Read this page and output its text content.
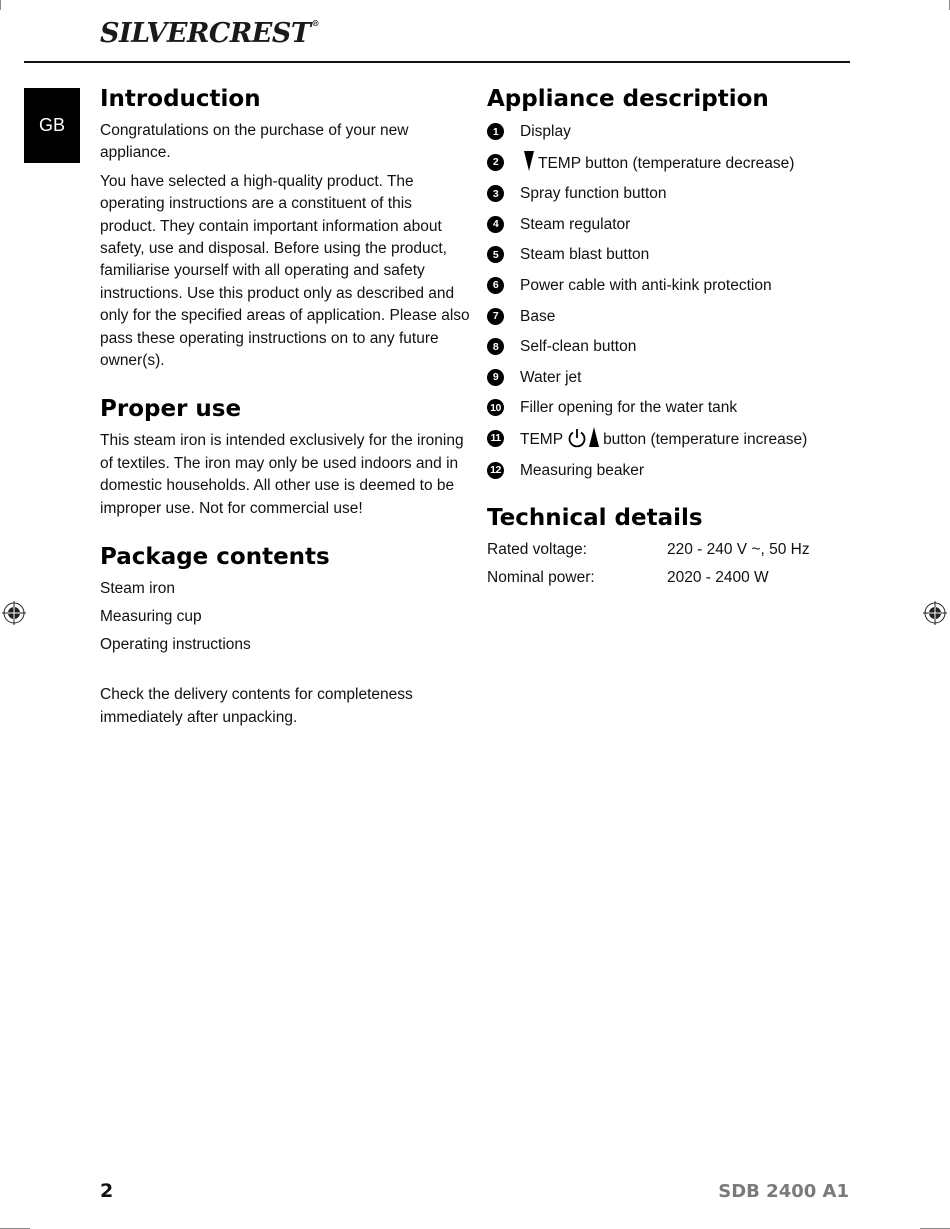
SILVERCREST®
GB
Introduction

Congratulations on the purchase of your new appliance.

You have selected a high-quality product. The operating instructions are a constituent of this product. They contain important information about safety, use and disposal. Before using the product, familiarise yourself with all operating and safety instructions. Use this product only as described and only for the specified areas of application. Please also pass these operating instructions on to any future owner(s).

Proper use

This steam iron is intended exclusively for the ironing of textiles. The iron may only be used indoors and in domestic households. All other use is deemed to be improper use. Not for commercial use!

Package contents
Steam iron
Measuring cup
Operating instructions

Check the delivery contents for completeness immediately after unpacking.

Appliance description
1	Display
2	TEMP button (temperature decrease)
3	Spray function button
4	Steam regulator
5	Steam blast button
6	Power cable with anti-kink protection
7	Base
8	Self-clean button
9	Water jet
10 Filler opening for the water tank
11 TEMP	button (temperature increase)
12 Measuring beaker
Technical details
Rated voltage:	220 - 240 V ~, 50 Hz
Nominal power:	2020 - 2400 W
2	SDB 2400 A1
